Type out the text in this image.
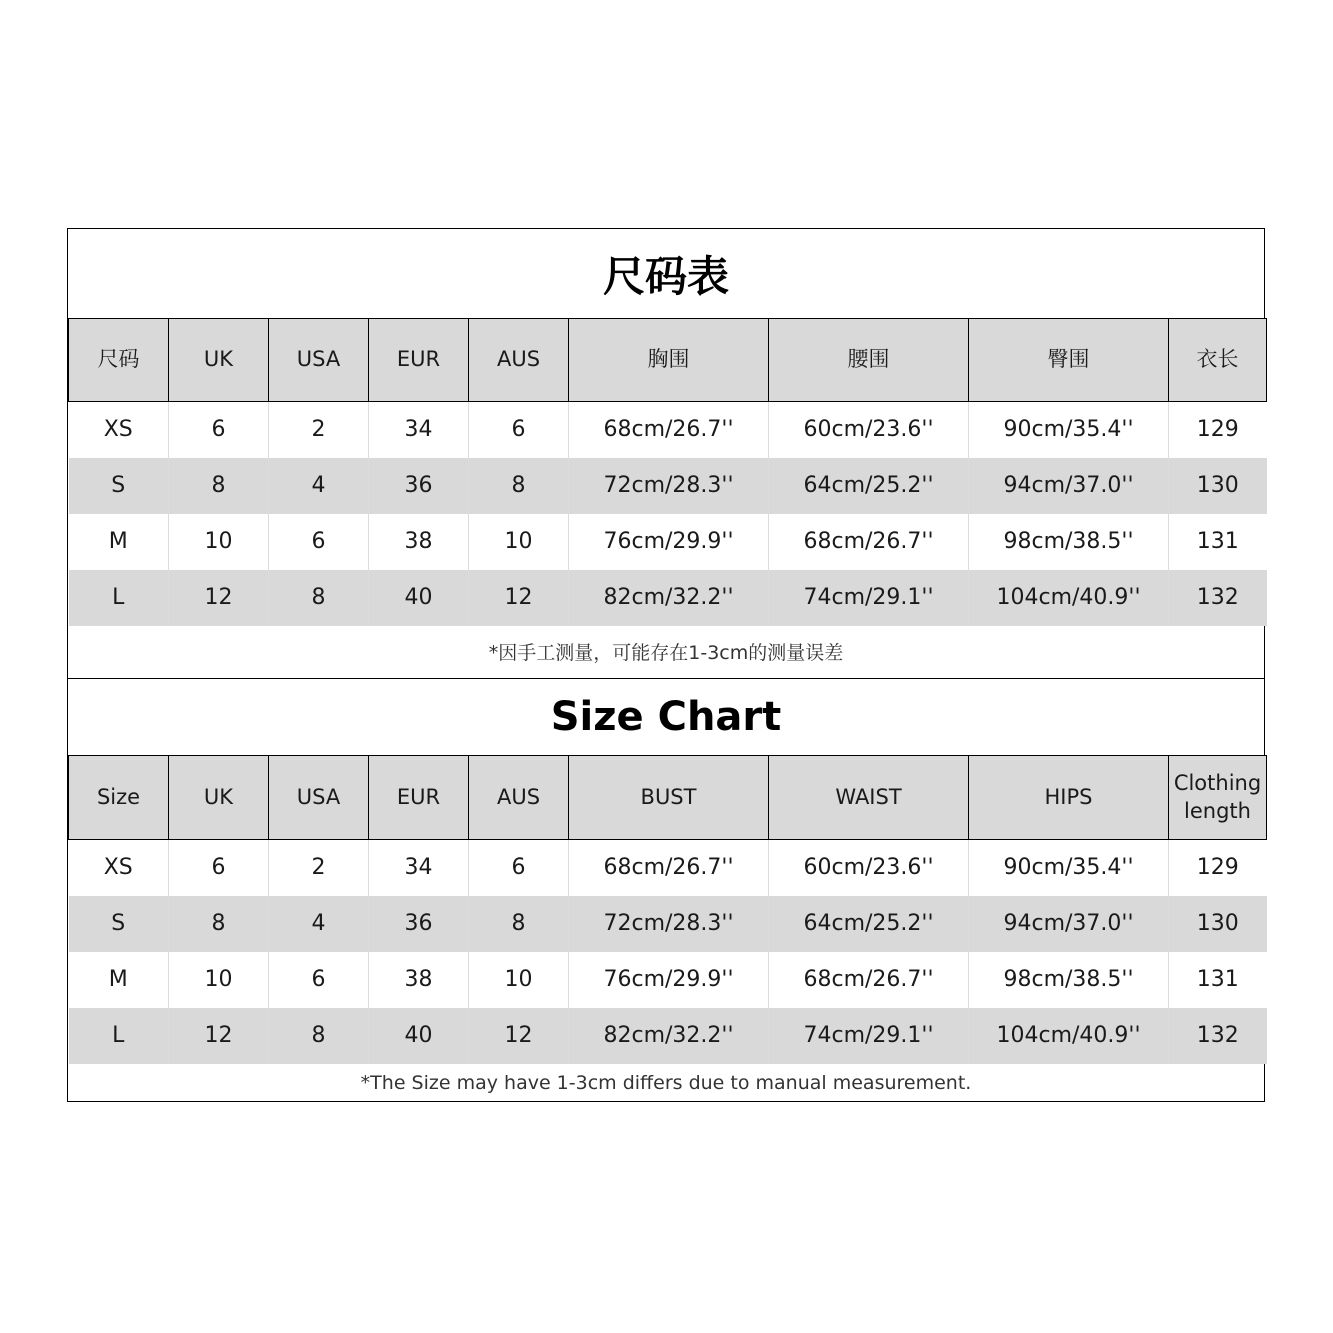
尺码表
尺码	UK	USA	EUR	AUS	胸围	腰围	臀围	衣长
XS	6	2	34	6	68cm/26.7''	60cm/23.6''	90cm/35.4''	129
S	8	4	36	8	72cm/28.3''	64cm/25.2''	94cm/37.0''	130
M	10	6	38	10	76cm/29.9''	68cm/26.7''	98cm/38.5''	131
L	12	8	40	12	82cm/32.2''	74cm/29.1''	104cm/40.9''	132
*因手工测量，可能存在1-3cm的测量误差
Size Chart
Size	UK	USA	EUR	AUS	BUST	WAIST	HIPS	Clothing length
XS	6	2	34	6	68cm/26.7''	60cm/23.6''	90cm/35.4''	129
S	8	4	36	8	72cm/28.3''	64cm/25.2''	94cm/37.0''	130
M	10	6	38	10	76cm/29.9''	68cm/26.7''	98cm/38.5''	131
L	12	8	40	12	82cm/32.2''	74cm/29.1''	104cm/40.9''	132
*The Size may have 1-3cm differs due to manual measurement.
